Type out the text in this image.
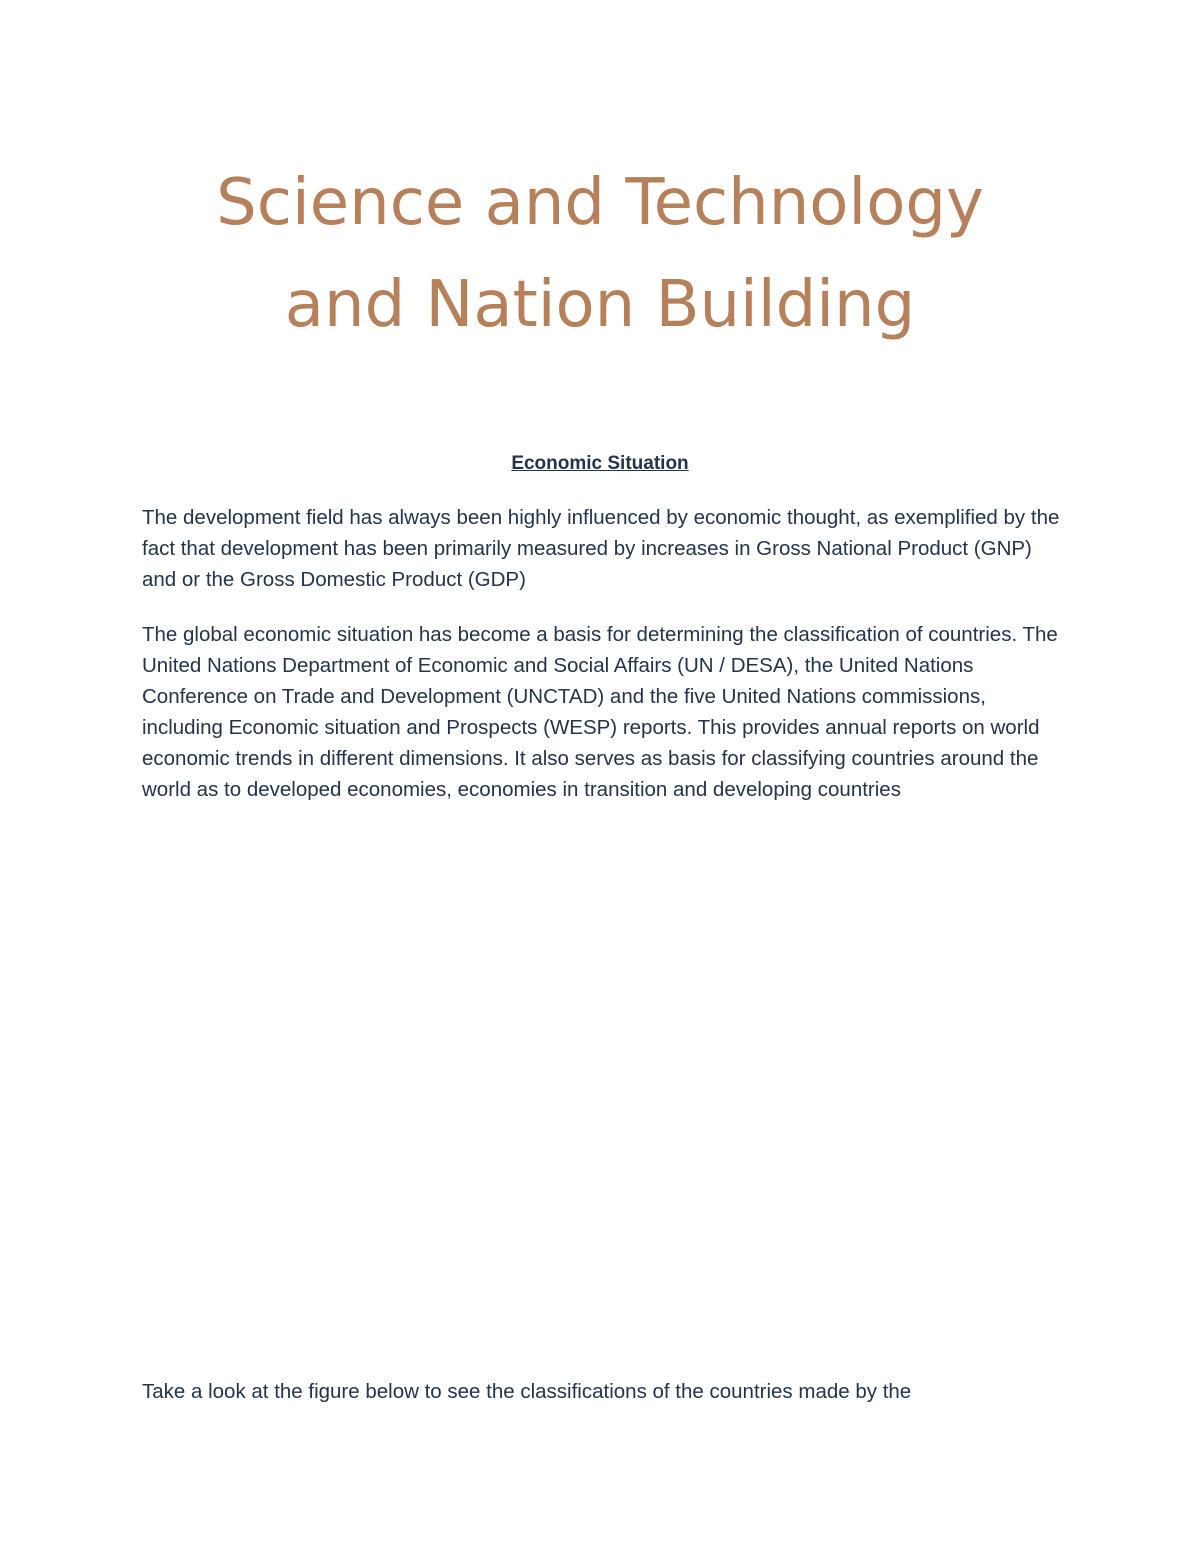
Science and Technology
and Nation Building
Economic Situation

The development field has always been highly influenced by economic thought, as exemplified by the fact that development has been primarily measured by increases in Gross National Product (GNP) and or the Gross Domestic Product (GDP)

The global economic situation has become a basis for determining the classification of countries. The United Nations Department of Economic and Social Affairs (UN / DESA), the United Nations Conference on Trade and Development (UNCTAD) and the five United Nations commissions, including Economic situation and Prospects (WESP) reports. This provides annual reports on world economic trends in different dimensions. It also serves as basis for classifying countries around the world as to developed economies, economies in transition and developing countries

Take a look at the figure below to see the classifications of the countries made by the
